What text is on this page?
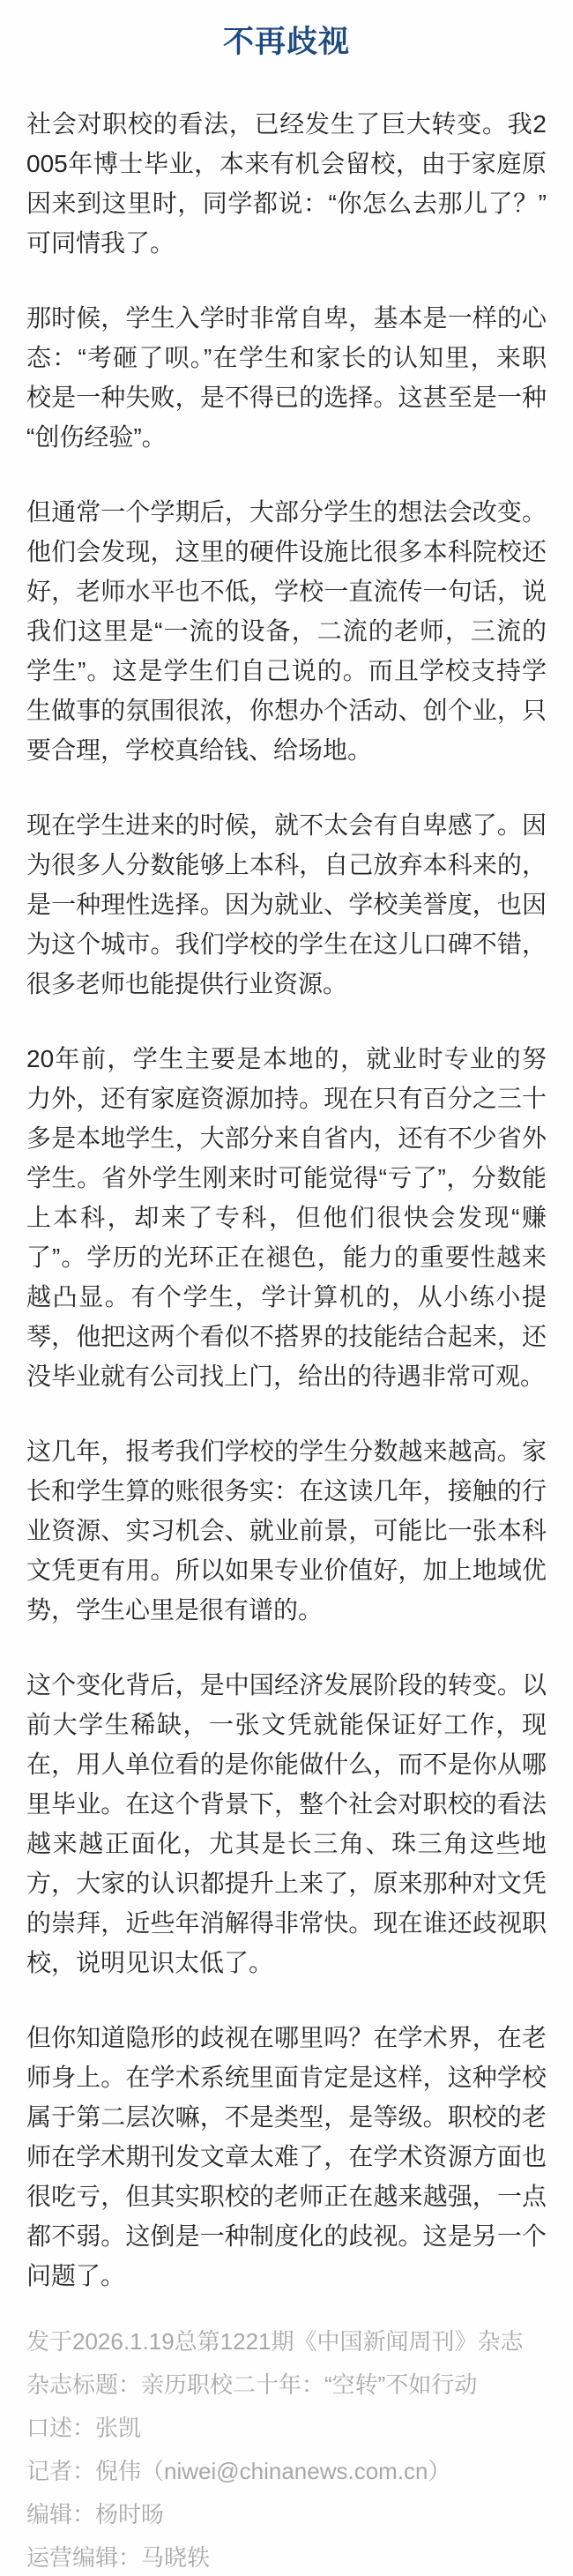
不再歧视

社会对职校的看法，已经发生了巨大转变。我2005年博士毕业，本来有机会留校，由于家庭原因来到这里时，同学都说：“你怎么去那儿了？”可同情我了。

那时候，学生入学时非常自卑，基本是一样的心态：“考砸了呗。”在学生和家长的认知里，来职校是一种失败，是不得已的选择。这甚至是一种“创伤经验”。

但通常一个学期后，大部分学生的想法会改变。他们会发现，这里的硬件设施比很多本科院校还好，老师水平也不低，学校一直流传一句话，说我们这里是“一流的设备，二流的老师，三流的学生”。这是学生们自己说的。而且学校支持学生做事的氛围很浓，你想办个活动、创个业，只要合理，学校真给钱、给场地。

现在学生进来的时候，就不太会有自卑感了。因为很多人分数能够上本科，自己放弃本科来的，是一种理性选择。因为就业、学校美誉度，也因为这个城市。我们学校的学生在这儿口碑不错，很多老师也能提供行业资源。

20年前，学生主要是本地的，就业时专业的努力外，还有家庭资源加持。现在只有百分之三十多是本地学生，大部分来自省内，还有不少省外学生。省外学生刚来时可能觉得“亏了”，分数能上本科，却来了专科，但他们很快会发现“赚了”。学历的光环正在褪色，能力的重要性越来越凸显。有个学生，学计算机的，从小练小提琴，他把这两个看似不搭界的技能结合起来，还没毕业就有公司找上门，给出的待遇非常可观。

这几年，报考我们学校的学生分数越来越高。家长和学生算的账很务实：在这读几年，接触的行业资源、实习机会、就业前景，可能比一张本科文凭更有用。所以如果专业价值好，加上地域优势，学生心里是很有谱的。

这个变化背后，是中国经济发展阶段的转变。以前大学生稀缺，一张文凭就能保证好工作，现在，用人单位看的是你能做什么，而不是你从哪里毕业。在这个背景下，整个社会对职校的看法越来越正面化，尤其是长三角、珠三角这些地方，大家的认识都提升上来了，原来那种对文凭的崇拜，近些年消解得非常快。现在谁还歧视职校，说明见识太低了。

但你知道隐形的歧视在哪里吗？在学术界，在老师身上。在学术系统里面肯定是这样，这种学校属于第二层次嘛，不是类型，是等级。职校的老师在学术期刊发文章太难了，在学术资源方面也很吃亏，但其实职校的老师正在越来越强，一点都不弱。这倒是一种制度化的歧视。这是另一个问题了。

发于2026.1.19总第1221期《中国新闻周刊》杂志

杂志标题：亲历职校二十年：“空转”不如行动

口述：张凯

记者：倪伟（niwei@chinanews.com.cn）

编辑：杨时旸

运营编辑：马晓轶
